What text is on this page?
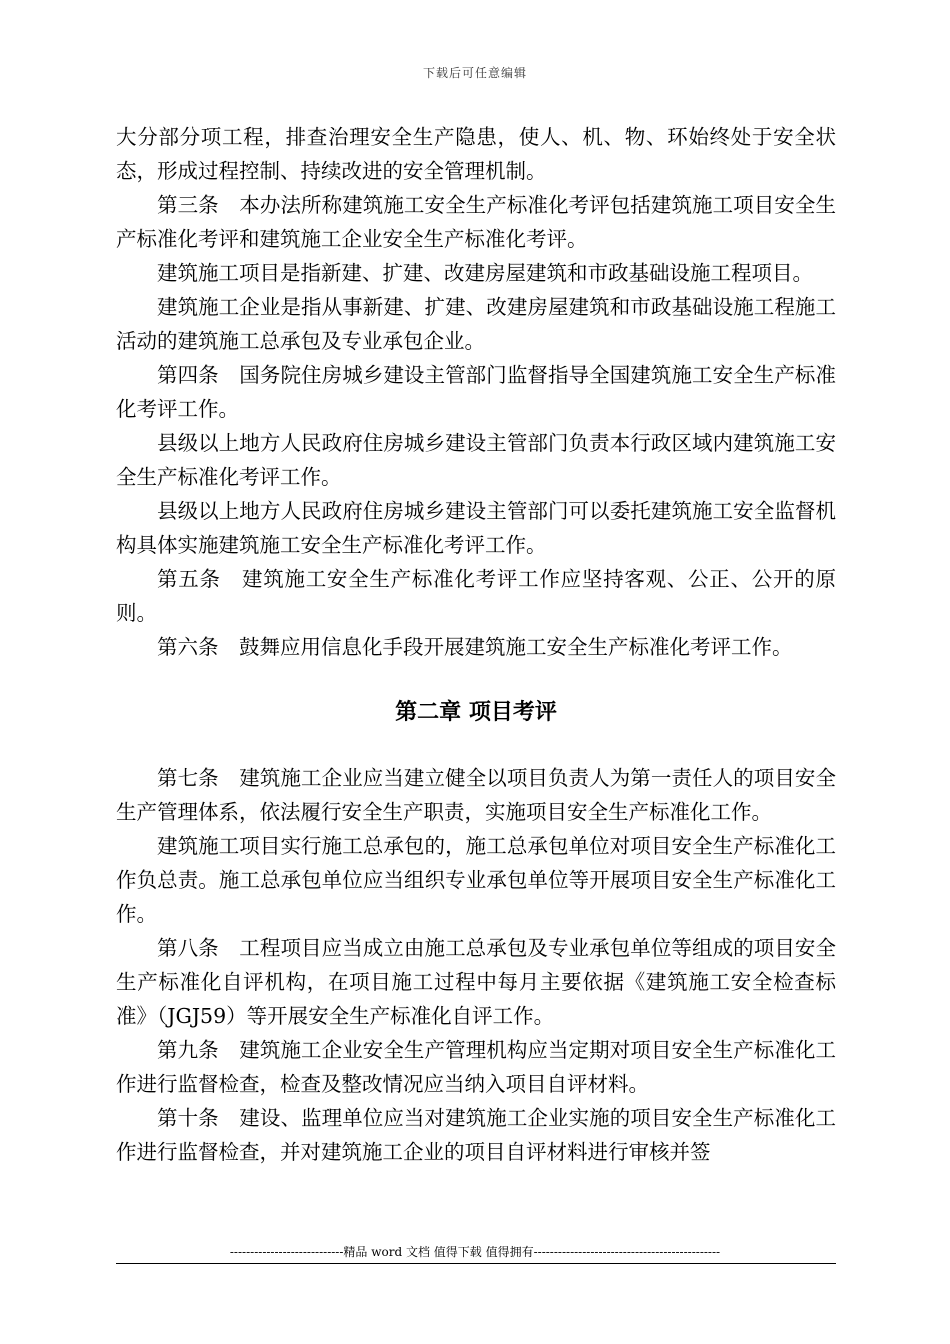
下载后可任意编辑

大分部分项工程，排查治理安全生产隐患，使人、机、物、环始终处于安全状态，形成过程控制、持续改进的安全管理机制。

第三条　本办法所称建筑施工安全生产标准化考评包括建筑施工项目安全生产标准化考评和建筑施工企业安全生产标准化考评。

建筑施工项目是指新建、扩建、改建房屋建筑和市政基础设施工程项目。

建筑施工企业是指从事新建、扩建、改建房屋建筑和市政基础设施工程施工活动的建筑施工总承包及专业承包企业。

第四条　国务院住房城乡建设主管部门监督指导全国建筑施工安全生产标准化考评工作。

县级以上地方人民政府住房城乡建设主管部门负责本行政区域内建筑施工安全生产标准化考评工作。

县级以上地方人民政府住房城乡建设主管部门可以委托建筑施工安全监督机构具体实施建筑施工安全生产标准化考评工作。

第五条　建筑施工安全生产标准化考评工作应坚持客观、公正、公开的原则。

第六条　鼓舞应用信息化手段开展建筑施工安全生产标准化考评工作。

第二章 项目考评

第七条　建筑施工企业应当建立健全以项目负责人为第一责任人的项目安全生产管理体系，依法履行安全生产职责，实施项目安全生产标准化工作。

建筑施工项目实行施工总承包的，施工总承包单位对项目安全生产标准化工作负总责。施工总承包单位应当组织专业承包单位等开展项目安全生产标准化工作。

第八条　工程项目应当成立由施工总承包及专业承包单位等组成的项目安全生产标准化自评机构，在项目施工过程中每月主要依据《建筑施工安全检查标准》（JGJ59）等开展安全生产标准化自评工作。

第九条　建筑施工企业安全生产管理机构应当定期对项目安全生产标准化工作进行监督检查，检查及整改情况应当纳入项目自评材料。

第十条　建设、监理单位应当对建筑施工企业实施的项目安全生产标准化工作进行监督检查，并对建筑施工企业的项目自评材料进行审核并签

----------------------------精品 word 文档 值得下载 值得拥有----------------------------------------------
